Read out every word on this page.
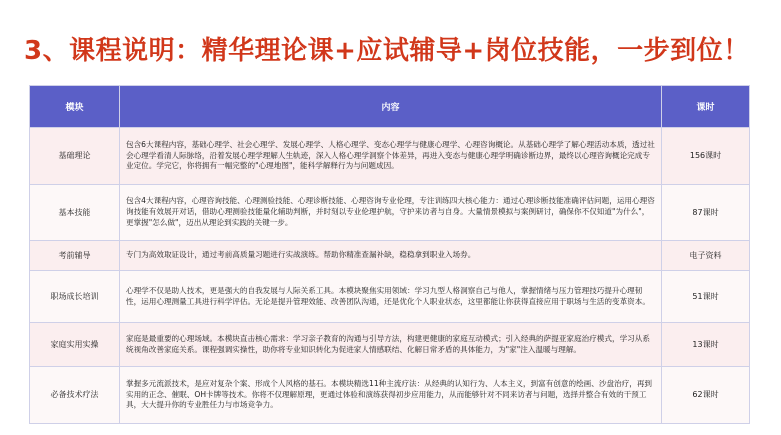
3、课程说明：精华理论课+应试辅导+岗位技能，一步到位！
模块	内容	课时
基础理论	包含6大课程内容，基础心理学、社会心理学、发展心理学、人格心理学、变态心理学与健康心理学、心理咨询概论。从基础心理学了解心理活动本质，透过社会心理学看清人际脉络，沿着发展心理学理解人生轨迹，深入人格心理学洞察个体差异，再进入变态与健康心理学明确诊断边界，最终以心理咨询概论完成专业定位。学完它，你将拥有一幅完整的"心理地图"，能科学解释行为与问题成因。	156课时
基本技能	包含4大课程内容，心理咨询技能、心理测验技能、心理诊断技能、心理咨询专业伦理，专注训练四大核心能力：通过心理诊断技能准确评估问题，运用心理咨询技能有效展开对话，借助心理测验技能量化辅助判断，并时刻以专业伦理护航，守护来访者与自身。大量情景模拟与案例研讨，确保你不仅知道"为什么"，更掌握"怎么做"，迈出从理论到实践的关键一步。	87课时
考前辅导	专门为高效取证设计，通过考前高质量习题进行实战演练。帮助你精准查漏补缺，稳稳拿到职业入场券。	电子资料
职场成长培训	心理学不仅是助人技术，更是强大的自我发展与人际关系工具。本模块聚焦实用领域：学习九型人格洞察自己与他人，掌握情绪与压力管理技巧提升心理韧性，运用心理测量工具进行科学评估。无论是提升管理效能、改善团队沟通，还是优化个人职业状态，这里都能让你获得直接应用于职场与生活的变革资本。	51课时
家庭实用实操	家庭是最重要的心理场域。本模块直击核心需求：学习亲子教育的沟通与引导方法，构建更健康的家庭互动模式；引入经典的萨提亚家庭治疗模式，学习从系统视角改善家庭关系。课程强调实操性，助你将专业知识转化为促进家人情感联结、化解日常矛盾的具体能力，为"家"注入温暖与理解。	13课时
必备技术疗法	掌握多元流派技术，是应对复杂个案、形成个人风格的基石。本模块精选11种主流疗法：从经典的认知行为、人本主义，到富有创意的绘画、沙盘治疗，再到实用的正念、催眠、OH卡牌等技术。你将不仅理解原理，更通过体验和演练获得初步应用能力，从而能够针对不同来访者与问题，选择并整合有效的干预工具，大大提升你的专业胜任力与市场竞争力。	62课时
